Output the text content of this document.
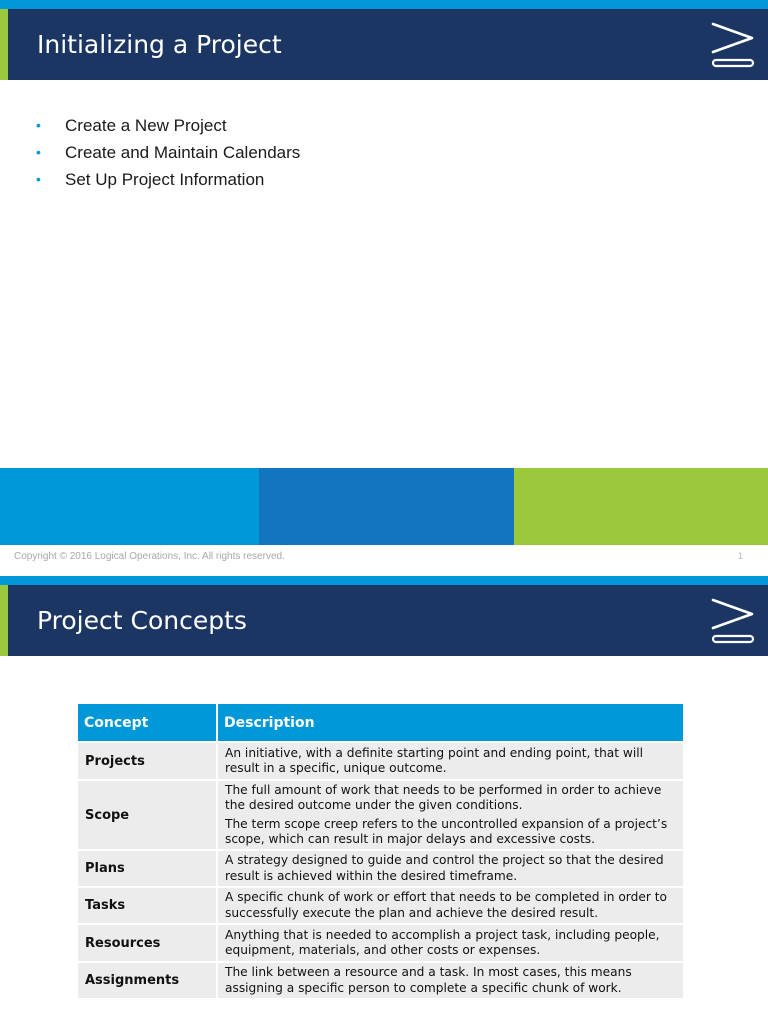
Initializing a Project
• Create a New Project
• Create and Maintain Calendars
• Set Up Project Information
Copyright © 2016 Logical Operations, Inc. All rights reserved.	1
Project Concepts
Concept	Description
Projects	An initiative, with a definite starting point and ending point, that will result in a specific, unique outcome.

Scope	The full amount of work that needs to be performed in order to achieve the desired outcome under the given conditions.

The term scope creep refers to the uncontrolled expansion of a project’s scope, which can result in major delays and excessive costs.

Plans	A strategy designed to guide and control the project so that the desired result is achieved within the desired timeframe.

Tasks	A specific chunk of work or effort that needs to be completed in order to successfully execute the plan and achieve the desired result.

Resources	Anything that is needed to accomplish a project task, including people, equipment, materials, and other costs or expenses.

Assignments	The link between a resource and a task. In most cases, this means assigning a specific person to complete a specific chunk of work.
